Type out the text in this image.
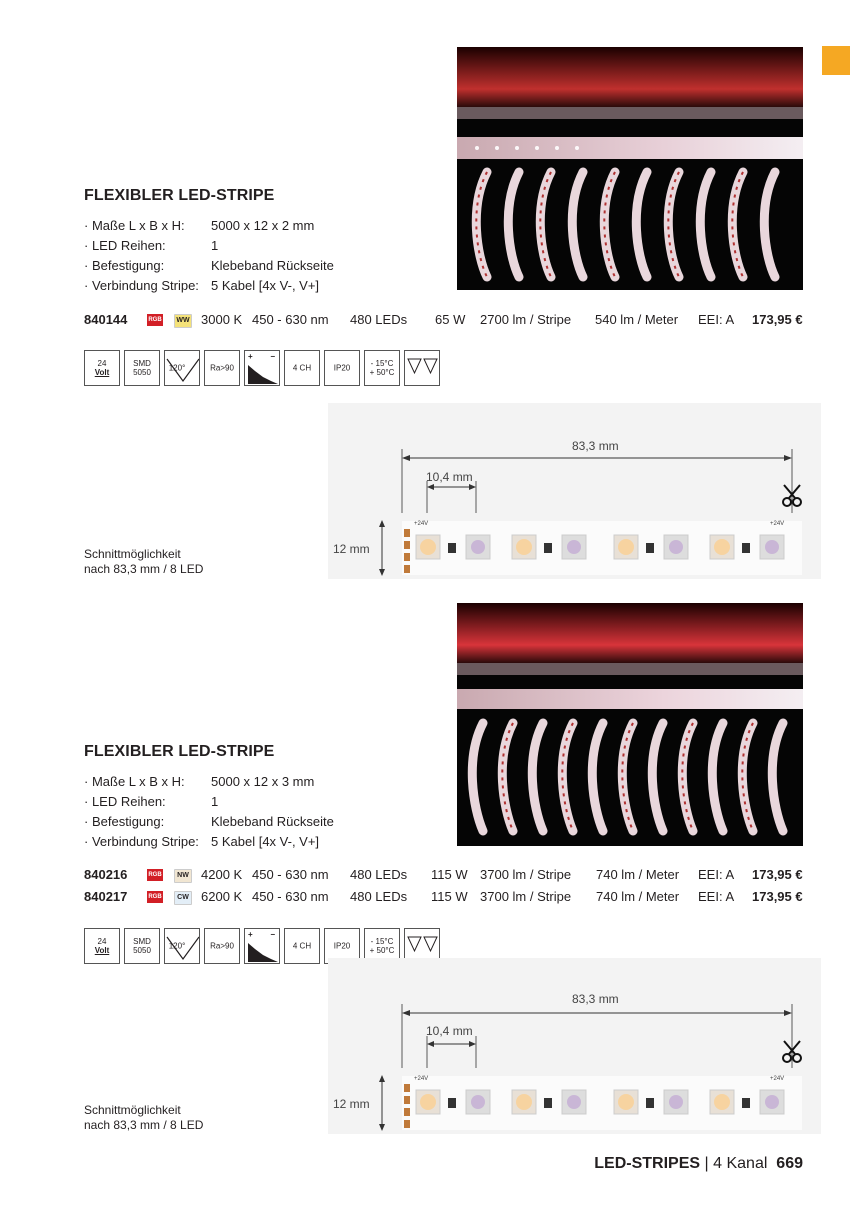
FLEXIBLER LED-STRIPE
· Maße L x B x H:	5000 x 12 x 2 mm
· LED Reihen:	1
· Befestigung:	Klebeband Rückseite
· Verbindung Stripe: 5 Kabel [4x V-, V+]
840144	RGB	WW 3000 K 450 - 630 nm 480 LEDs 65 W 2700 lm / Stripe 540 lm / Meter EEI: A 173,95 €
24
Volt
SMD
5050	120°	Ra>90
+ −
4 CH	IP20	- 15°C
+ 50°C
83,3 mm
10,4 mm
12 mm
+24V	+24V
Schnittmöglichkeit
nach 83,3 mm / 8 LED
FLEXIBLER LED-STRIPE
· Maße L x B x H:	5000 x 12 x 3 mm
· LED Reihen:	1
· Befestigung:	Klebeband Rückseite
· Verbindung Stripe: 5 Kabel [4x V-, V+]
840216	RGB	NW 4200 K 450 - 630 nm 480 LEDs 115 W 3700 lm / Stripe 740 lm / Meter EEI: A 173,95 €
840217	RGB	CW 6200 K 450 - 630 nm 480 LEDs 115 W 3700 lm / Stripe 740 lm / Meter EEI: A 173,95 €
24
Volt
SMD
5050	120°	Ra>90
+ −
4 CH	IP20	- 15°C
+ 50°C
83,3 mm
10,4 mm
12 mm
+24V	+24V
Schnittmöglichkeit
nach 83,3 mm / 8 LED
LED-STRIPES | 4 Kanal 669
